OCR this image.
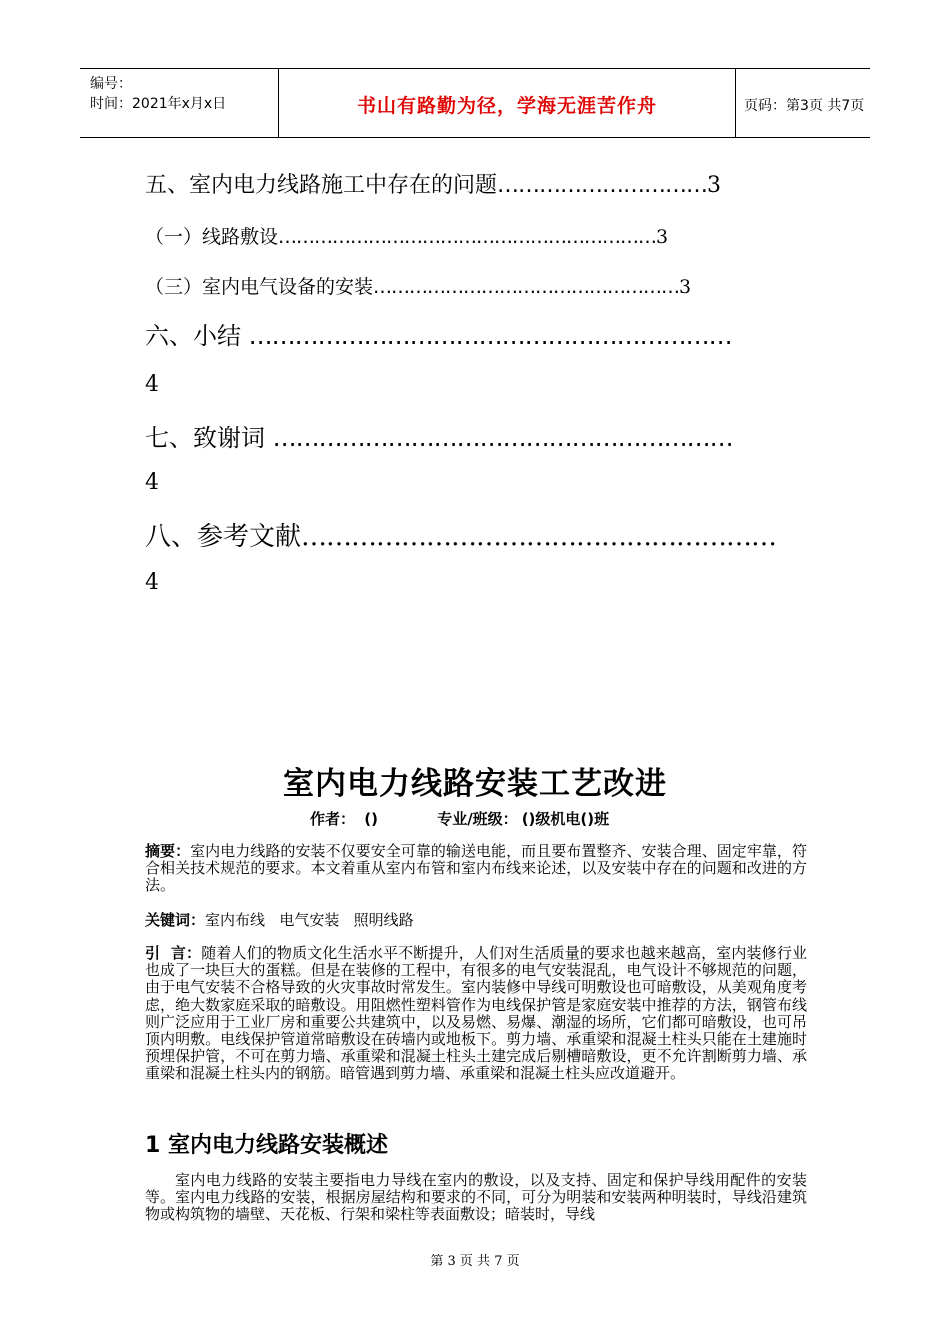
编号：
时间：2021年x月x日	书山有路勤为径，学海无涯苦作舟	页码：第3页 共7页
五、室内电力线路施工中存在的问题…………………………3
（一）线路敷设………………………………………………………3
（三）室内电气设备的安装……………………………………………3
六、小结 ………………………………………………………
4
七、致谢词 ……………………………………………………
4
八、参考文献…………………………………………………
4
室内电力线路安装工艺改进
作者： ()	专业/班级： ()级机电()班
摘要：室内电力线路的安装不仅要安全可靠的输送电能，而且要布置整齐、安装合理、固定牢靠，符合相关技术规范的要求。本文着重从室内布管和室内布线来论述，以及安装中存在的问题和改进的方法。
关键词：室内布线   电气安装   照明线路
引  言：随着人们的物质文化生活水平不断提升，人们对生活质量的要求也越来越高，室内装修行业也成了一块巨大的蛋糕。但是在装修的工程中，有很多的电气安装混乱，电气设计不够规范的问题，由于电气安装不合格导致的火灾事故时常发生。室内装修中导线可明敷设也可暗敷设，从美观角度考虑，绝大数家庭采取的暗敷设。用阻燃性塑料管作为电线保护管是家庭安装中推荐的方法，钢管布线则广泛应用于工业厂房和重要公共建筑中，以及易燃、易爆、潮湿的场所，它们都可暗敷设，也可吊顶内明敷。电线保护管道常暗敷设在砖墙内或地板下。剪力墙、承重梁和混凝土柱头只能在土建施时预埋保护管，不可在剪力墙、承重梁和混凝土柱头土建完成后剔槽暗敷设，更不允许割断剪力墙、承重梁和混凝土柱头内的钢筋。暗管遇到剪力墙、承重梁和混凝土柱头应改道避开。
1 室内电力线路安装概述
室内电力线路的安装主要指电力导线在室内的敷设，以及支持、固定和保护导线用配件的安装等。室内电力线路的安装，根据房屋结构和要求的不同，可分为明装和安装两种明装时，导线沿建筑物或构筑物的墙壁、天花板、行架和梁柱等表面敷设；暗装时，导线
第 3 页 共 7 页
